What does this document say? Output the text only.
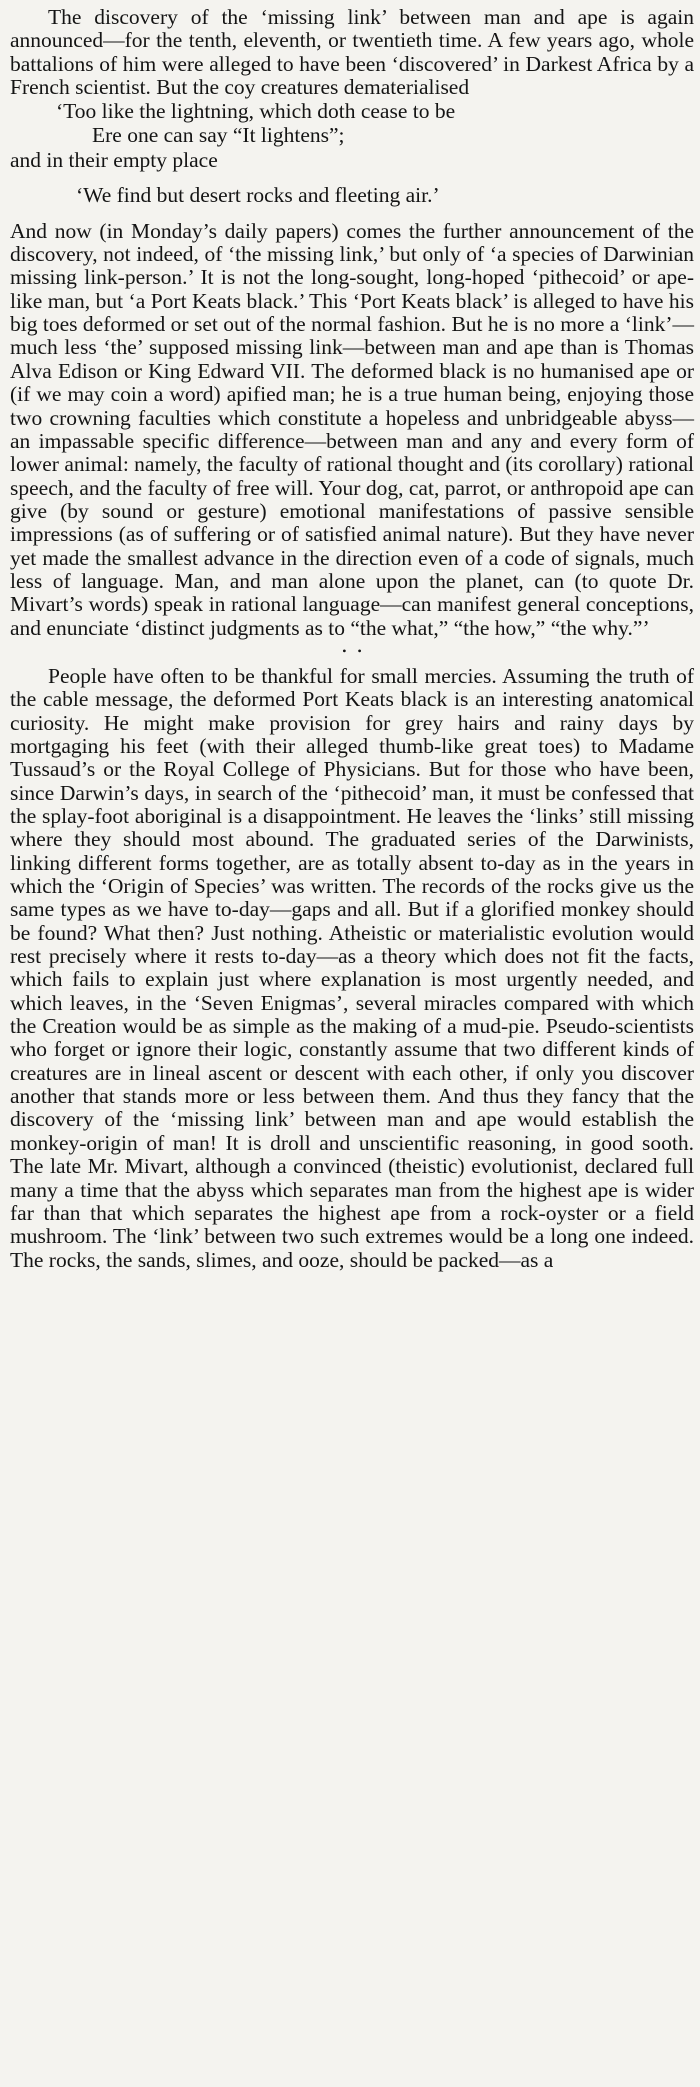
The discovery of the ‘missing link’ between man and ape is again announced—for the tenth, eleventh, or twentieth time. A few years ago, whole battalions of him were alleged to have been ‘discovered’ in Darkest Africa by a French scientist. But the coy creatures dematerialised

‘Too like the lightning, which doth cease to be
Ere one can say “It lightens”;

and in their empty place

‘We find but desert rocks and fleeting air.’

And now (in Monday’s daily papers) comes the further announcement of the discovery, not indeed, of ‘the missing link,’ but only of ‘a species of Darwinian missing link-person.’ It is not the long-sought, long-hoped ‘pithecoid’ or ape-like man, but ‘a Port Keats black.’ This ‘Port Keats black’ is alleged to have his big toes deformed or set out of the normal fashion. But he is no more a ‘link’—much less ‘the’ supposed missing link—between man and ape than is Thomas Alva Edison or King Edward VII. The deformed black is no humanised ape or (if we may coin a word) apified man; he is a true human being, enjoying those two crowning faculties which constitute a hopeless and unbridgeable abyss—an impassable specific difference—between man and any and every form of lower animal: namely, the faculty of rational thought and (its corollary) rational speech, and the faculty of free will. Your dog, cat, parrot, or anthropoid ape can give (by sound or gesture) emotional manifestations of passive sensible impressions (as of suffering or of satisfied animal nature). But they have never yet made the smallest advance in the direction even of a code of signals, much less of language. Man, and man alone upon the planet, can (to quote Dr. Mivart’s words) speak in rational language—can manifest general conceptions, and enunciate ‘distinct judgments as to “the what,” “the how,” “the why.”’

• •

People have often to be thankful for small mercies. Assuming the truth of the cable message, the deformed Port Keats black is an interesting anatomical curiosity. He might make provision for grey hairs and rainy days by mortgaging his feet (with their alleged thumb-like great toes) to Madame Tussaud’s or the Royal College of Physicians. But for those who have been, since Darwin’s days, in search of the ‘pithecoid’ man, it must be confessed that the splay-foot aboriginal is a disappointment. He leaves the ‘links’ still missing where they should most abound. The graduated series of the Darwinists, linking different forms together, are as totally absent to-day as in the years in which the ‘Origin of Species’ was written. The records of the rocks give us the same types as we have to-day—gaps and all. But if a glorified monkey should be found? What then? Just nothing. Atheistic or materialistic evolution would rest precisely where it rests to-day—as a theory which does not fit the facts, which fails to explain just where explanation is most urgently needed, and which leaves, in the ‘Seven Enigmas’, several miracles compared with which the Creation would be as simple as the making of a mud-pie. Pseudo-scientists who forget or ignore their logic, constantly assume that two different kinds of creatures are in lineal ascent or descent with each other, if only you discover another that stands more or less between them. And thus they fancy that the discovery of the ‘missing link’ between man and ape would establish the monkey-origin of man! It is droll and unscientific reasoning, in good sooth. The late Mr. Mivart, although a convinced (theistic) evolutionist, declared full many a time that the abyss which separates man from the highest ape is wider far than that which separates the highest ape from a rock-oyster or a field mushroom. The ‘link’ between two such extremes would be a long one indeed. The rocks, the sands, slimes, and ooze, should be packed—as a
